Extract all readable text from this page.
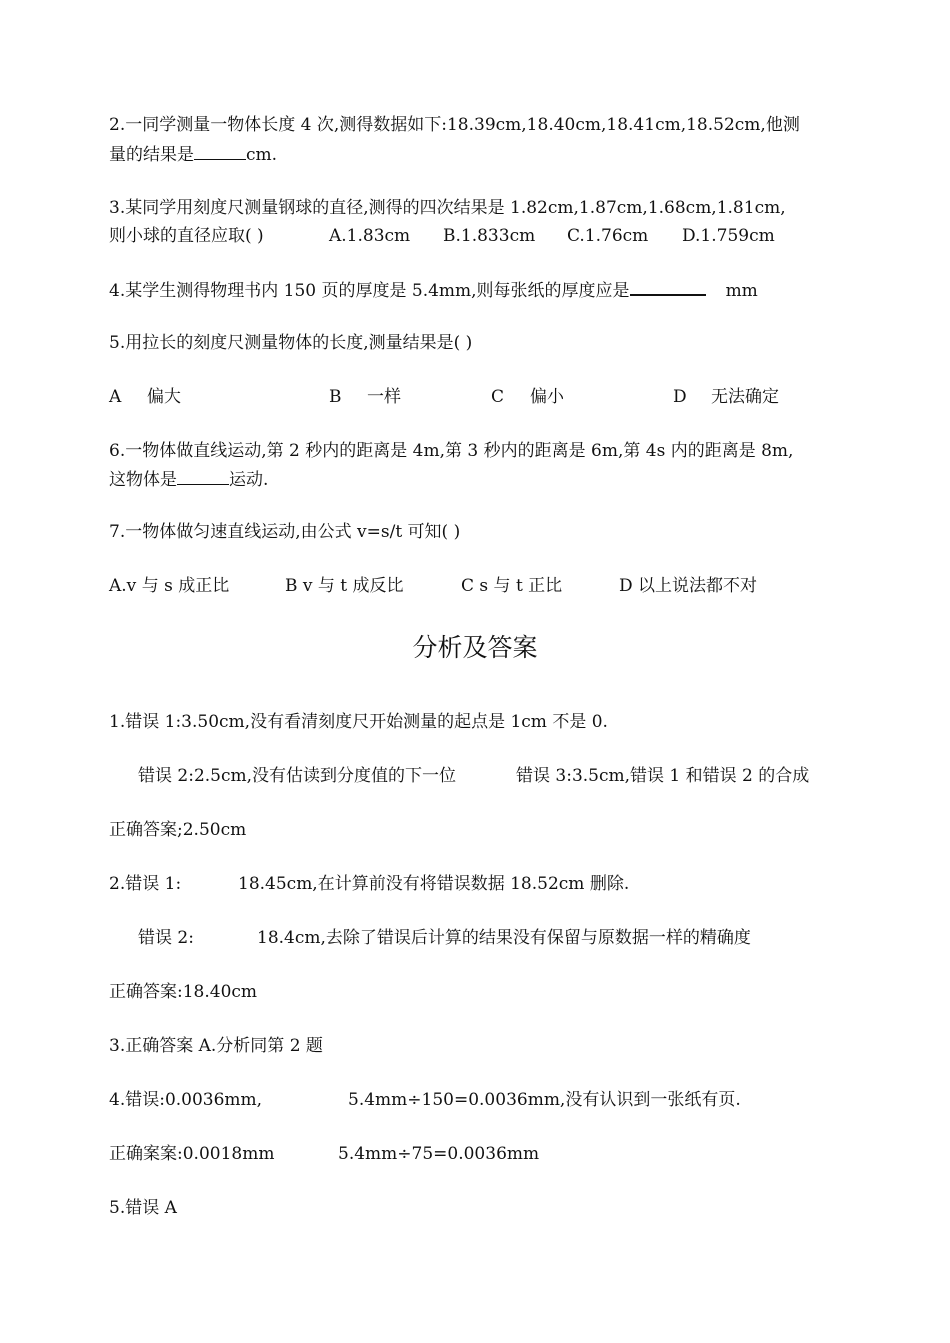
2.一同学测量一物体长度 4 次,测得数据如下:18.39cm,18.40cm,18.41cm,18.52cm,他测
量的结果是	cm.
3.某同学用刻度尺测量钢球的直径,测得的四次结果是 1.82cm,1.87cm,1.68cm,1.81cm,
则小球的直径应取( )	A.1.83cm B.1.833cm C.1.76cm D.1.759cm
4.某学生测得物理书内 150 页的厚度是 5.4mm,则每张纸的厚度应是	mm
5.用拉长的刻度尺测量物体的长度,测量结果是( )
A 偏大	B 一样	C 偏小	D 无法确定
6.一物体做直线运动,第 2 秒内的距离是 4m,第 3 秒内的距离是 6m,第 4s 内的距离是 8m,
这物体是	运动.
7.一物体做匀速直线运动,由公式 v=s/t 可知( )
A.v 与 s 成正比	B v 与 t 成反比	C s 与 t 正比	D 以上说法都不对
分析及答案
1.错误 1:3.50cm,没有看清刻度尺开始测量的起点是 1cm 不是 0.
错误 2:2.5cm,没有估读到分度值的下一位	错误 3:3.5cm,错误 1 和错误 2 的合成
正确答案;2.50cm
2.错误 1:	18.45cm,在计算前没有将错误数据 18.52cm 删除.
错误 2:	18.4cm,去除了错误后计算的结果没有保留与原数据一样的精确度
正确答案:18.40cm
3.正确答案 A.分析同第 2 题
4.错误:0.0036mm,	5.4mm÷150=0.0036mm,没有认识到一张纸有页.
正确案案:0.0018mm	5.4mm÷75=0.0036mm
5.错误 A
